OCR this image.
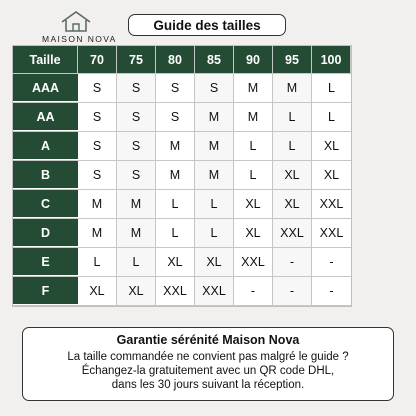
MAISON NOVA
Guide des tailles
Taille	70	75	80	85	90	95	100

AAA	S	S	S	S	M	M	L

AA	S	S	S	M	M	L	L

A	S	S	M	M	L	L	XL

B	S	S	M	M	L	XL	XL

C	M	M	L	L	XL	XL	XXL

D	M	M	L	L	XL	XXL	XXL

E	L	L	XL	XL	XXL	-	-

F	XL	XL	XXL	XXL	-	-	-
Garantie sérénité Maison Nova
La taille commandée ne convient pas malgré le guide ?
Échangez-la gratuitement avec un QR code DHL,
dans les 30 jours suivant la réception.
